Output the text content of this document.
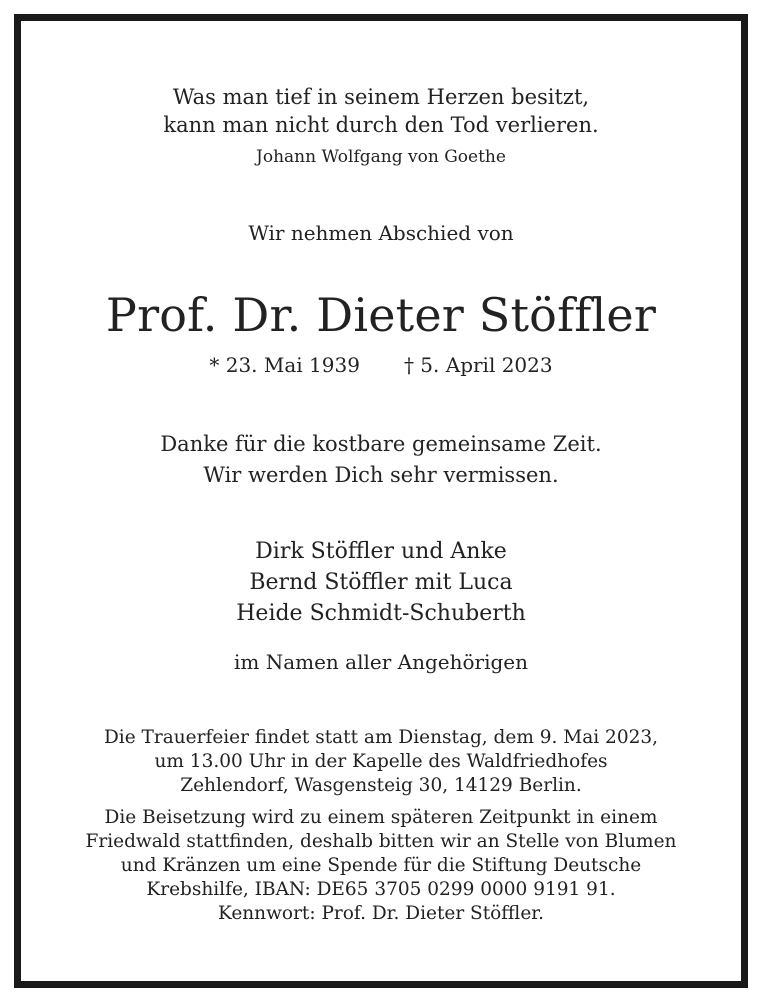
Was man tief in seinem Herzen besitzt,
kann man nicht durch den Tod verlieren.
Johann Wolfgang von Goethe
Wir nehmen Abschied von
Prof. Dr. Dieter Stöffler
* 23. Mai 1939 † 5. April 2023
Danke für die kostbare gemeinsame Zeit.
Wir werden Dich sehr vermissen.
Dirk Stöffler und Anke
Bernd Stöffler mit Luca
Heide Schmidt-Schuberth
im Namen aller Angehörigen
Die Trauerfeier findet statt am Dienstag, dem 9. Mai 2023,
um 13.00 Uhr in der Kapelle des Waldfriedhofes
Zehlendorf, Wasgensteig 30, 14129 Berlin.
Die Beisetzung wird zu einem späteren Zeitpunkt in einem
Friedwald stattfinden, deshalb bitten wir an Stelle von Blumen
und Kränzen um eine Spende für die Stiftung Deutsche
Krebshilfe, IBAN: DE65 3705 0299 0000 9191 91.
Kennwort: Prof. Dr. Dieter Stöffler.
